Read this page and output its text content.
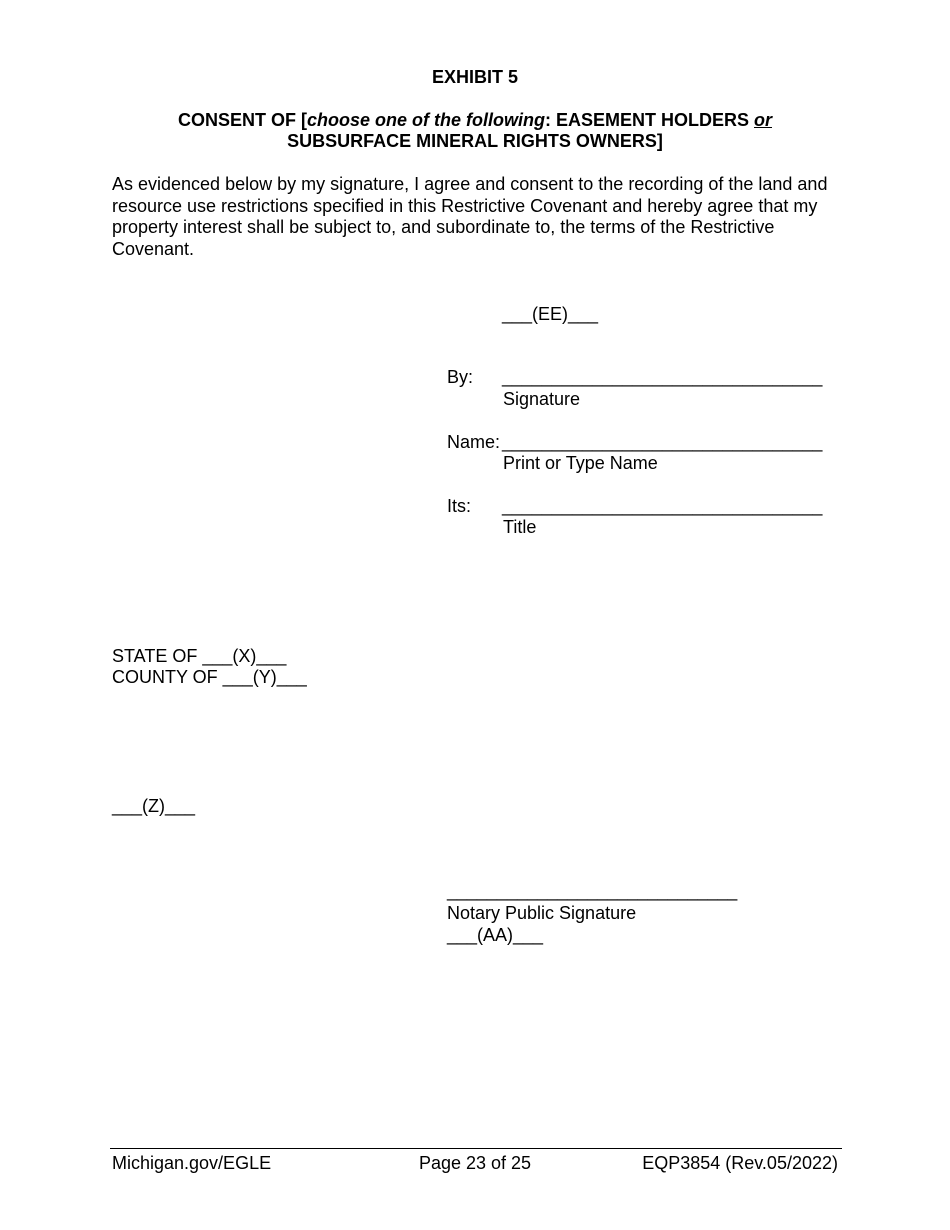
EXHIBIT 5
CONSENT OF [choose one of the following: EASEMENT HOLDERS or
SUBSURFACE MINERAL RIGHTS OWNERS]
As evidenced below by my signature, I agree and consent to the recording of the land and resource use restrictions specified in this Restrictive Covenant and hereby agree that my property interest shall be subject to, and subordinate to, the terms of the Restrictive Covenant.
___(EE)___
By: ________________________________
Signature
Name: ________________________________
Print or Type Name
Its: ________________________________
Title
STATE OF ___(X)___
COUNTY OF ___(Y)___
___(Z)___
_____________________________
Notary Public Signature
___(AA)___
Michigan.gov/EGLE	Page 23 of 25	EQP3854 (Rev.05/2022)
